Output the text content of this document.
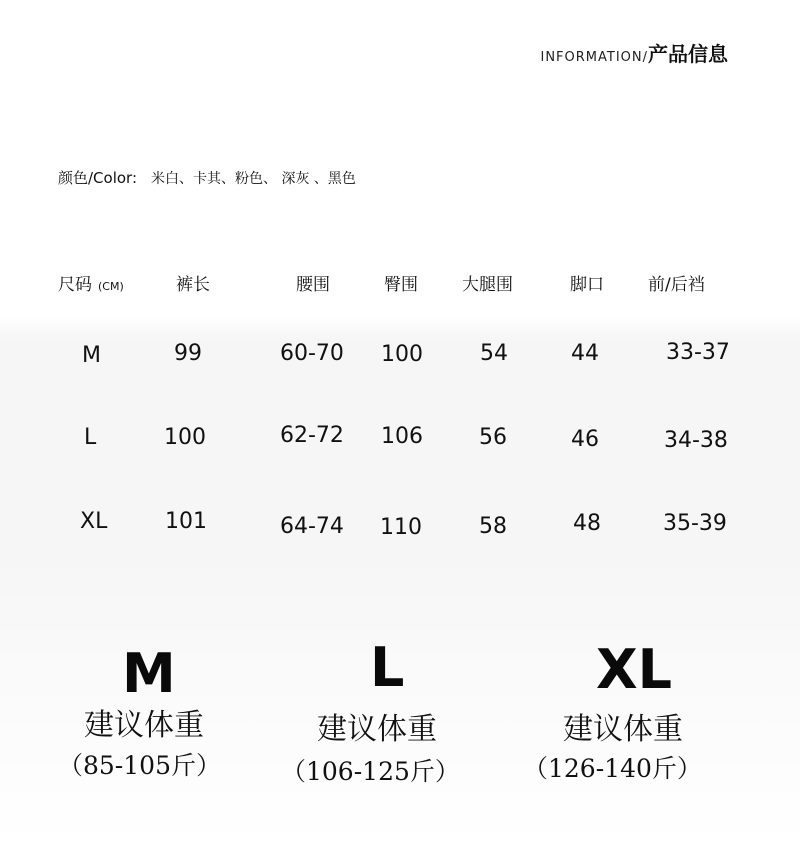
INFORMATION/产品信息
颜色/Color: 米白、卡其、粉色、 深灰 、黑色
尺码 (CM)	裤长	腰围	臀围	大腿围	脚口	前/后裆
M	99	60-70 100	54	44	33-37
L	100	62-72 106	56	46	34-38
XL	101	64-74 110	58	48	35-39
M
建议体重
（85-105斤）
L
建议体重
（106-125斤）
XL
建议体重
（126-140斤）
